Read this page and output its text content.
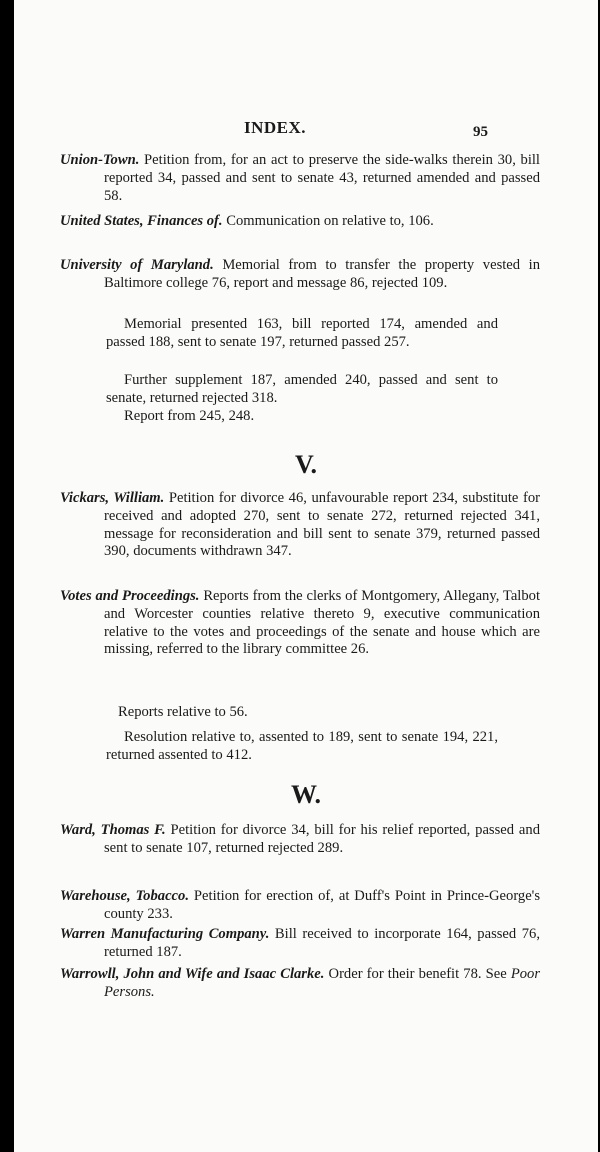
INDEX.	95
Union-Town. Petition from, for an act to preserve the side-walks therein 30, bill reported 34, passed and sent to senate 43, returned amended and passed 58.
United States, Finances of. Communication on relative to, 106.
University of Maryland. Memorial from to transfer the property vested in Baltimore college 76, report and message 86, rejected 109.
Memorial presented 163, bill reported 174, amended and passed 188, sent to senate 197, returned passed 257.
Further supplement 187, amended 240, passed and sent to senate, returned rejected 318.
Report from 245, 248.
V.
Vickars, William. Petition for divorce 46, unfavourable report 234, substitute for received and adopted 270, sent to senate 272, returned rejected 341, message for reconsideration and bill sent to senate 379, returned passed 390, documents withdrawn 347.
Votes and Proceedings. Reports from the clerks of Montgomery, Allegany, Talbot and Worcester counties relative thereto 9, executive communication relative to the votes and proceedings of the senate and house which are missing, referred to the library committee 26.
Reports relative to 56.
Resolution relative to, assented to 189, sent to senate 194, 221, returned assented to 412.
W.
Ward, Thomas F. Petition for divorce 34, bill for his relief reported, passed and sent to senate 107, returned rejected 289.
Warehouse, Tobacco. Petition for erection of, at Duff's Point in Prince-George's county 233.
Warren Manufacturing Company. Bill received to incorporate 164, passed 76, returned 187.
Warrowll, John and Wife and Isaac Clarke. Order for their benefit 78. See Poor Persons.
